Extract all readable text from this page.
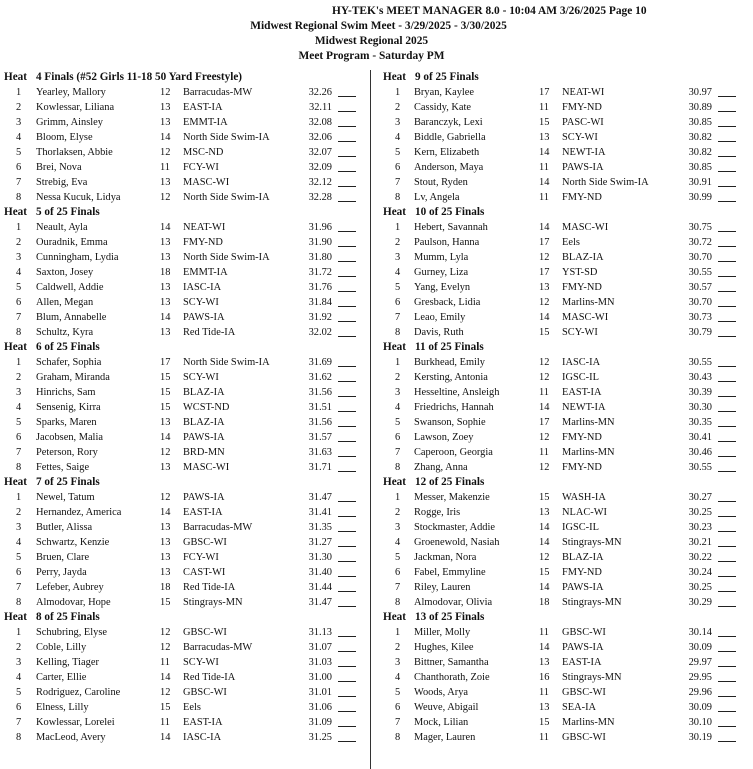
HY-TEK's MEET MANAGER 8.0 - 10:04 AM 3/26/2025 Page 10
Midwest Regional Swim Meet - 3/29/2025 - 3/30/2025
Midwest Regional 2025
Meet Program - Saturday PM
Heat 4 Finals (#52 Girls 11-18 50 Yard Freestyle)
1 Yearley, Mallory	12 Barracudas-MW	32.26
2 Kowlessar, Liliana	13 EAST-IA	32.11
3 Grimm, Ainsley	13 EMMT-IA	32.08
4 Bloom, Elyse	14 North Side Swim-IA	32.06
5 Thorlaksen, Abbie	12 MSC-ND	32.07
6 Brei, Nova	11 FCY-WI	32.09
7 Strebig, Eva	13 MASC-WI	32.12
8 Nessa Kucuk, Lidya	12 North Side Swim-IA	32.28
Heat 5 of 25 Finals
1 Neault, Ayla	14 NEAT-WI	31.96
2 Ouradnik, Emma	13 FMY-ND	31.90
3 Cunningham, Lydia	13 North Side Swim-IA	31.80
4 Saxton, Josey	18 EMMT-IA	31.72
5 Caldwell, Addie	13 IASC-IA	31.76
6 Allen, Megan	13 SCY-WI	31.84
7 Blum, Annabelle	14 PAWS-IA	31.92
8 Schultz, Kyra	13 Red Tide-IA	32.02
Heat 6 of 25 Finals
1 Schafer, Sophia	17 North Side Swim-IA	31.69
2 Graham, Miranda	15 SCY-WI	31.62
3 Hinrichs, Sam	15 BLAZ-IA	31.56
4 Sensenig, Kirra	15 WCST-ND	31.51
5 Sparks, Maren	13 BLAZ-IA	31.56
6 Jacobsen, Malia	14 PAWS-IA	31.57
7 Peterson, Rory	12 BRD-MN	31.63
8 Fettes, Saige	13 MASC-WI	31.71
Heat 7 of 25 Finals
1 Newel, Tatum	12 PAWS-IA	31.47
2 Hernandez, America	14 EAST-IA	31.41
3 Butler, Alissa	13 Barracudas-MW	31.35
4 Schwartz, Kenzie	13 GBSC-WI	31.27
5 Bruen, Clare	13 FCY-WI	31.30
6 Perry, Jayda	13 CAST-WI	31.40
7 Lefeber, Aubrey	18 Red Tide-IA	31.44
8 Almodovar, Hope	15 Stingrays-MN	31.47
Heat 8 of 25 Finals
1 Schubring, Elyse	12 GBSC-WI	31.13
2 Coble, Lilly	12 Barracudas-MW	31.07
3 Kelling, Tiager	11 SCY-WI	31.03
4 Carter, Ellie	14 Red Tide-IA	31.00
5 Rodriguez, Caroline	12 GBSC-WI	31.01
6 Elness, Lilly	15 Eels	31.06
7 Kowlessar, Lorelei	11 EAST-IA	31.09
8 MacLeod, Avery	14 IASC-IA	31.25
Heat 9 of 25 Finals
1 Bryan, Kaylee	17 NEAT-WI	30.97
2 Cassidy, Kate	11 FMY-ND	30.89
3 Baranczyk, Lexi	15 PASC-WI	30.85
4 Biddle, Gabriella	13 SCY-WI	30.82
5 Kern, Elizabeth	14 NEWT-IA	30.82
6 Anderson, Maya	11 PAWS-IA	30.85
7 Stout, Ryden	14 North Side Swim-IA	30.91
8 Lv, Angela	11 FMY-ND	30.99
Heat 10 of 25 Finals
1 Hebert, Savannah	14 MASC-WI	30.75
2 Paulson, Hanna	17 Eels	30.72
3 Mumm, Lyla	12 BLAZ-IA	30.70
4 Gurney, Liza	17 YST-SD	30.55
5 Yang, Evelyn	13 FMY-ND	30.57
6 Gresback, Lidia	12 Marlins-MN	30.70
7 Leao, Emily	14 MASC-WI	30.73
8 Davis, Ruth	15 SCY-WI	30.79
Heat 11 of 25 Finals
1 Burkhead, Emily	12 IASC-IA	30.55
2 Kersting, Antonia	12 IGSC-IL	30.43
3 Hesseltine, Ansleigh	11 EAST-IA	30.39
4 Friedrichs, Hannah	14 NEWT-IA	30.30
5 Swanson, Sophie	17 Marlins-MN	30.35
6 Lawson, Zoey	12 FMY-ND	30.41
7 Caperoon, Georgia	11 Marlins-MN	30.46
8 Zhang, Anna	12 FMY-ND	30.55
Heat 12 of 25 Finals
1 Messer, Makenzie	15 WASH-IA	30.27
2 Rogge, Iris	13 NLAC-WI	30.25
3 Stockmaster, Addie	14 IGSC-IL	30.23
4 Groenewold, Nasiah	14 Stingrays-MN	30.21
5 Jackman, Nora	12 BLAZ-IA	30.22
6 Fabel, Emmyline	15 FMY-ND	30.24
7 Riley, Lauren	14 PAWS-IA	30.25
8 Almodovar, Olivia	18 Stingrays-MN	30.29
Heat 13 of 25 Finals
1 Miller, Molly	11 GBSC-WI	30.14
2 Hughes, Kilee	14 PAWS-IA	30.09
3 Bittner, Samantha	13 EAST-IA	29.97
4 Chanthorath, Zoie	16 Stingrays-MN	29.95
5 Woods, Arya	11 GBSC-WI	29.96
6 Weuve, Abigail	13 SEA-IA	30.09
7 Mock, Lilian	15 Marlins-MN	30.10
8 Mager, Lauren	11 GBSC-WI	30.19
